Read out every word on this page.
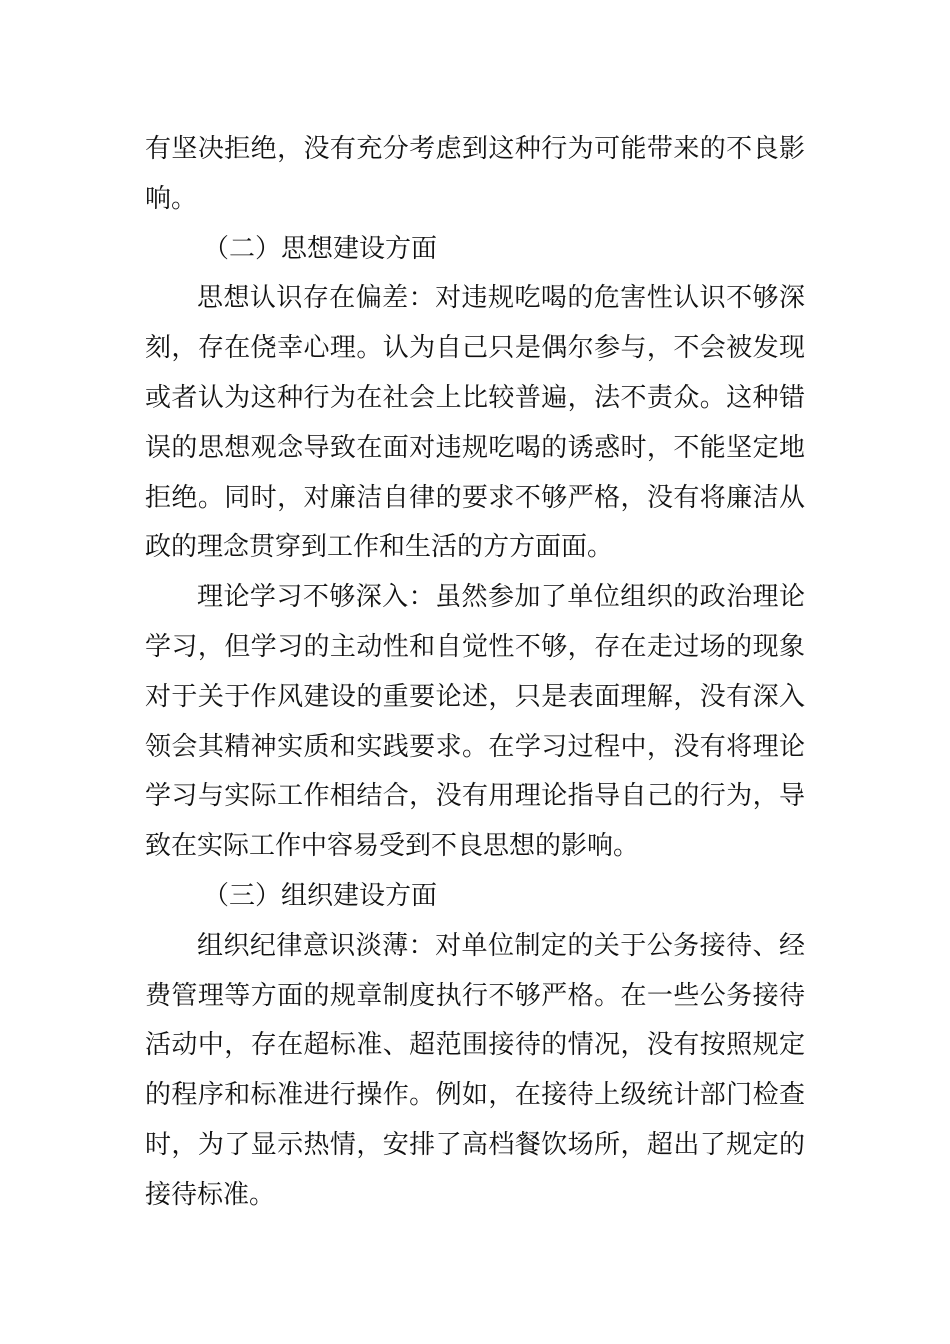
有坚决拒绝，没有充分考虑到这种行为可能带来的不良影响。

（二）思想建设方面

思想认识存在偏差：对违规吃喝的危害性认识不够深刻，存在侥幸心理。认为自己只是偶尔参与，不会被发现或者认为这种行为在社会上比较普遍，法不责众。这种错误的思想观念导致在面对违规吃喝的诱惑时，不能坚定地拒绝。同时，对廉洁自律的要求不够严格，没有将廉洁从政的理念贯穿到工作和生活的方方面面。

理论学习不够深入：虽然参加了单位组织的政治理论学习，但学习的主动性和自觉性不够，存在走过场的现象对于关于作风建设的重要论述，只是表面理解，没有深入领会其精神实质和实践要求。在学习过程中，没有将理论学习与实际工作相结合，没有用理论指导自己的行为，导致在实际工作中容易受到不良思想的影响。

（三）组织建设方面

组织纪律意识淡薄：对单位制定的关于公务接待、经费管理等方面的规章制度执行不够严格。在一些公务接待活动中，存在超标准、超范围接待的情况，没有按照规定的程序和标准进行操作。例如，在接待上级统计部门检查时，为了显示热情，安排了高档餐饮场所，超出了规定的接待标准。
